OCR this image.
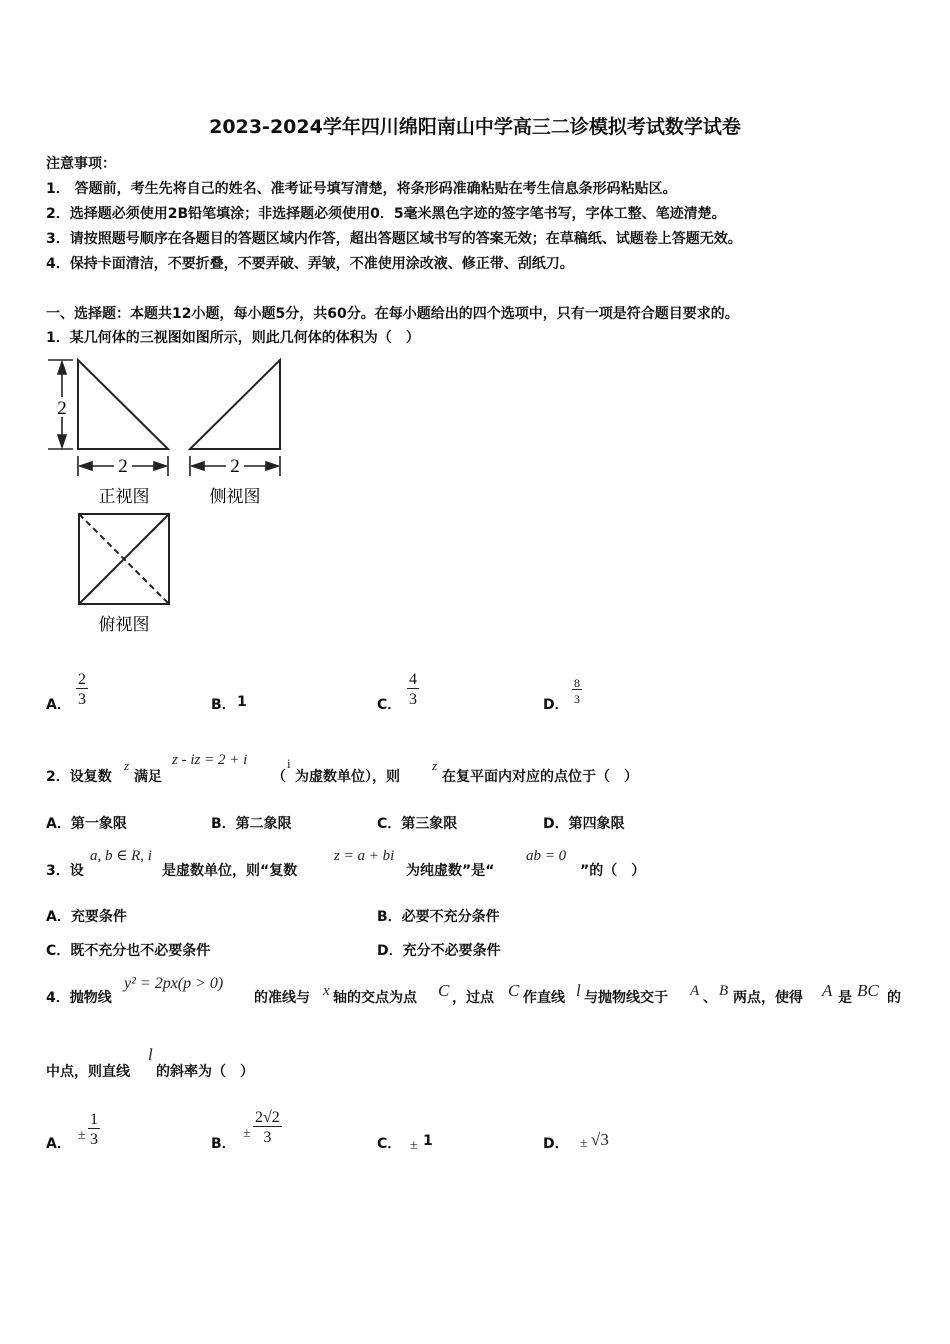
2023-2024学年四川绵阳南山中学高三二诊模拟考试数学试卷
注意事项：
1． 答题前，考生先将自己的姓名、准考证号填写清楚，将条形码准确粘贴在考生信息条形码粘贴区。
2．选择题必须使用2B铅笔填涂；非选择题必须使用0．5毫米黑色字迹的签字笔书写，字体工整、笔迹清楚。
3．请按照题号顺序在各题目的答题区域内作答，超出答题区域书写的答案无效；在草稿纸、试题卷上答题无效。
4．保持卡面清洁，不要折叠，不要弄破、弄皱，不准使用涂改液、修正带、刮纸刀。
一、选择题：本题共12小题，每小题5分，共60分。在每小题给出的四个选项中，只有一项是符合题目要求的。
1．某几何体的三视图如图所示，则此几何体的体积为（　）
2
2	2
正视图	侧视图
俯视图
A． $\frac{2}{3}$	B． 1	C． $\frac{4}{3}$	D． $\frac{8}{3}$
2．设复数
z
满足
z - iz = 2 + i
（
i
为虚数单位），则
z
在复平面内对应的点位于（　）
A．第一象限	B．第二象限	C．第三象限	D．第四象限
3．设
a, b ∈ R, i
是虚数单位，则“复数
z = a + bi
为纯虚数”是“
ab = 0
”的（　）
A．充要条件	B．必要不充分条件
C．既不充分也不必要条件	D．充分不必要条件
4．抛物线
y² = 2px(p > 0)
的准线与 x 轴的交点为点 C ，过点 C 作直线 l 与抛物线交于 A 、 B 两点，使得 A 是 BC 的
中点，则直线
l
的斜率为（　）
A．
± $\frac{1}{3}$	B．
± $\frac{2√2}{3}$	C． ± 1	D． ± √3
